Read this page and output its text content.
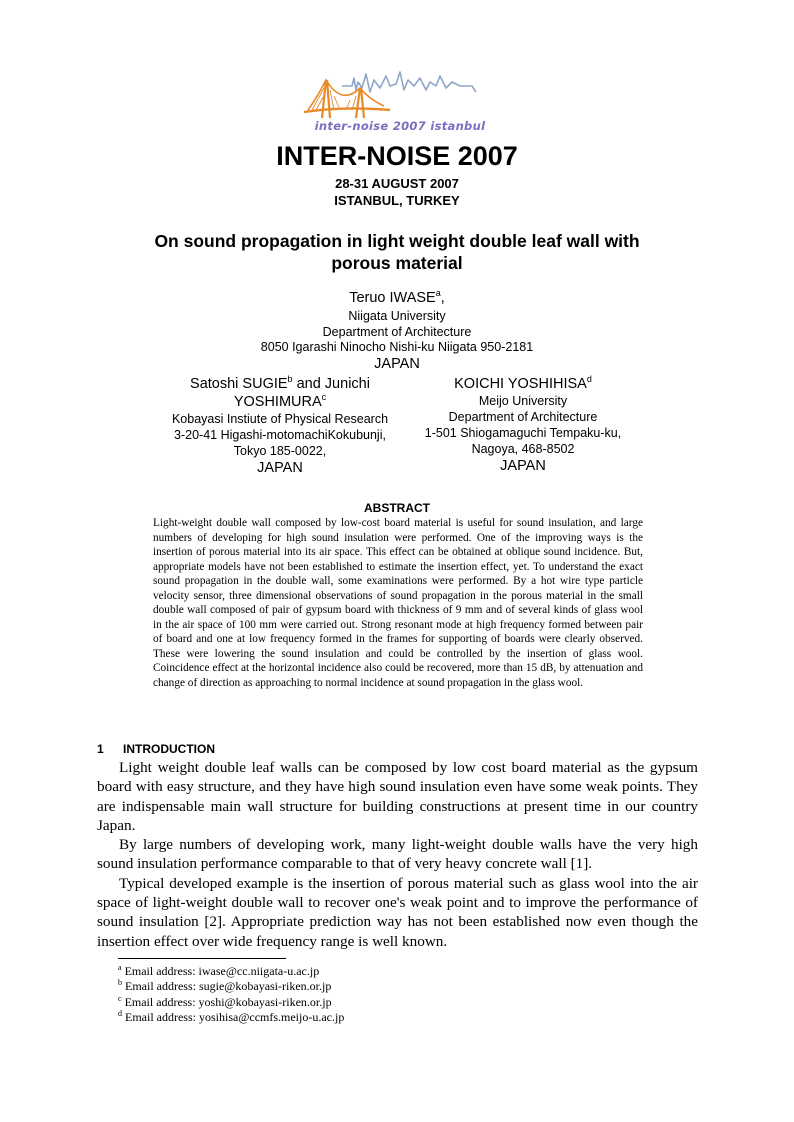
inter-noise 2007 istanbul
INTER-NOISE 2007
28-31 AUGUST 2007
ISTANBUL, TURKEY
On sound propagation in light weight double leaf wall with
porous material
Teruo IWASE$^a$,
Niigata University
Department of Architecture
8050 Igarashi Ninocho Nishi-ku Niigata 950-2181
JAPAN
Satoshi SUGIE$^b$ and Junichi
YOSHIMURA$^c$
Kobayasi Instiute of Physical Research
3-20-41 Higashi-motomachiKokubunji,
Tokyo 185-0022,
JAPAN
KOICHI YOSHIHISA$^d$
Meijo University
Department of Architecture
1-501 Shiogamaguchi Tempaku-ku,
Nagoya, 468-8502
JAPAN
ABSTRACT
Light-weight double wall composed by low-cost board material is useful for sound insulation, and large numbers of developing for high sound insulation were performed. One of the improving ways is the insertion of porous material into its air space. This effect can be obtained at oblique sound incidence. But, appropriate models have not been established to estimate the insertion effect, yet. To understand the exact sound propagation in the double wall, some examinations were performed. By a hot wire type particle velocity sensor, three dimensional observations of sound propagation in the porous material in the small double wall composed of pair of gypsum board with thickness of 9 mm and of several kinds of glass wool in the air space of 100 mm were carried out. Strong resonant mode at high frequency formed between pair of board and one at low frequency formed in the frames for supporting of boards were clearly observed. These were lowering the sound insulation and could be controlled by the insertion of glass wool. Coincidence effect at the horizontal incidence also could be recovered, more than 15 dB, by attenuation and change of direction as approaching to normal incidence at sound propagation in the glass wool.
1 INTRODUCTION

Light weight double leaf walls can be composed by low cost board material as the gypsum board with easy structure, and they have high sound insulation even have some weak points. They are indispensable main wall structure for building constructions at present time in our country Japan.

By large numbers of developing work, many light-weight double walls have the very high sound insulation performance comparable to that of very heavy concrete wall [1].

Typical developed example is the insertion of porous material such as glass wool into the air space of light-weight double wall to recover one's weak point and to improve the performance of sound insulation [2]. Appropriate prediction way has not been established now even though the insertion effect over wide frequency range is well known.

$^a$ Email address: iwase@cc.niigata-u.ac.jp
$^b$ Email address: sugie@kobayasi-riken.or.jp
$^c$ Email address: yoshi@kobayasi-riken.or.jp
$^d$ Email address: yosihisa@ccmfs.meijo-u.ac.jp
